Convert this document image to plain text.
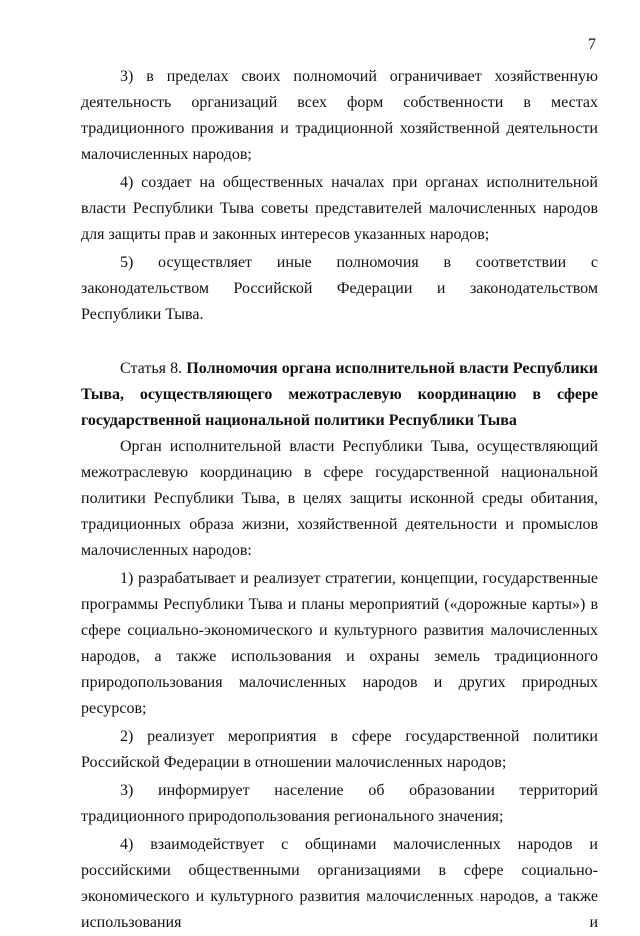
7

3) в пределах своих полномочий ограничивает хозяйственную деятельность организаций всех форм собственности в местах традиционного проживания и традиционной хозяйственной деятельности малочисленных народов;

4) создает на общественных началах при органах исполнительной власти Республики Тыва советы представителей малочисленных народов для защиты прав и законных интересов указанных народов;

5) осуществляет иные полномочия в соответствии с законодательством Российской Федерации и законодательством Республики Тыва.

Статья 8. Полномочия органа исполнительной власти Республики Тыва, осуществляющего межотраслевую координацию в сфере государственной национальной политики Республики Тыва

Орган исполнительной власти Республики Тыва, осуществляющий межотраслевую координацию в сфере государственной национальной политики Республики Тыва, в целях защиты исконной среды обитания, традиционных образа жизни, хозяйственной деятельности и промыслов малочисленных народов:

1) разрабатывает и реализует стратегии, концепции, государственные программы Республики Тыва и планы мероприятий («дорожные карты») в сфере социально-экономического и культурного развития малочисленных народов, а также использования и охраны земель традиционного природопользования малочисленных народов и других природных ресурсов;

2) реализует мероприятия в сфере государственной политики Российской Федерации в отношении малочисленных народов;

3) информирует население об образовании территорий традиционного природопользования регионального значения;

4) взаимодействует с общинами малочисленных народов и российскими общественными организациями в сфере социально-экономического и культурного развития малочисленных народов, а также использования и
